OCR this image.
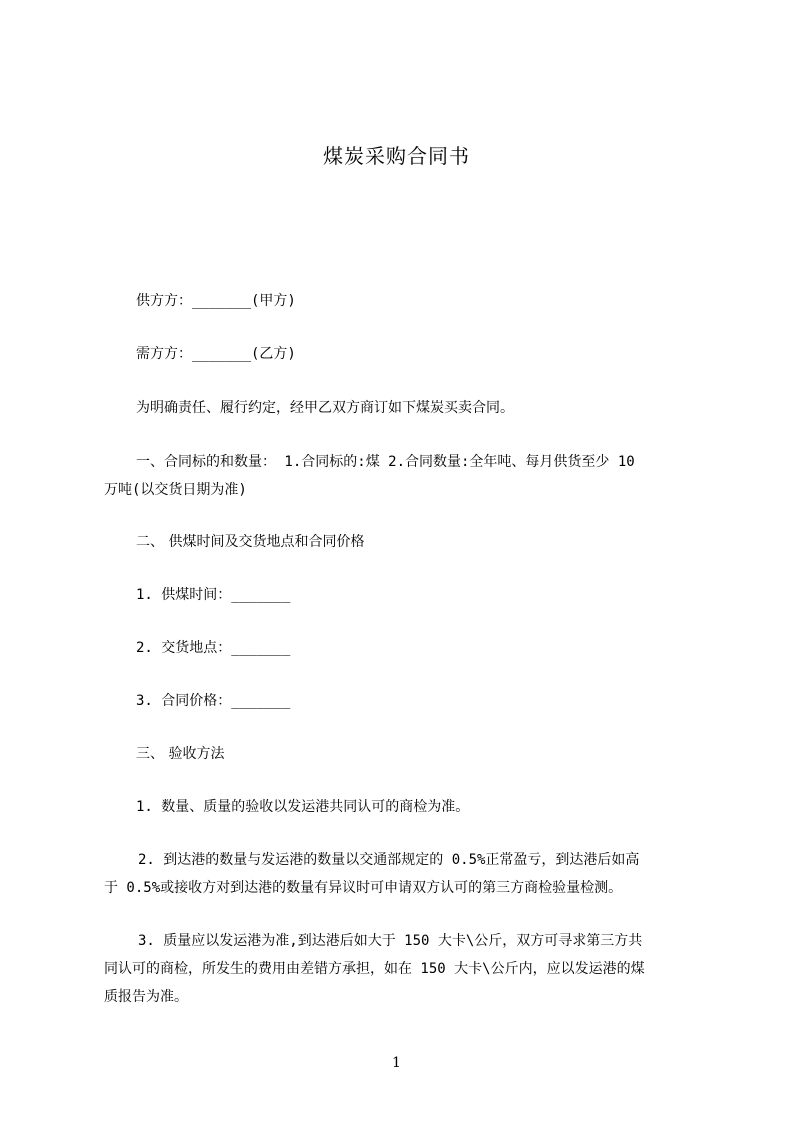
煤炭采购合同书
供方方：_______(甲方)
需方方：_______(乙方)
为明确责任、履行约定，经甲乙双方商订如下煤炭买卖合同。
一、合同标的和数量： 1.合同标的:煤 2.合同数量:全年吨、每月供货至少 10
万吨(以交货日期为准)
二、 供煤时间及交货地点和合同价格
1. 供煤时间：_______
2. 交货地点：_______
3. 合同价格：_______
三、 验收方法
1. 数量、质量的验收以发运港共同认可的商检为准。
2. 到达港的数量与发运港的数量以交通部规定的 0.5%正常盈亏，到达港后如高
于 0.5%或接收方对到达港的数量有异议时可申请双方认可的第三方商检验量检测。
3. 质量应以发运港为准,到达港后如大于 150 大卡\公斤，双方可寻求第三方共
同认可的商检，所发生的费用由差错方承担，如在 150 大卡\公斤内，应以发运港的煤
质报告为准。
1
